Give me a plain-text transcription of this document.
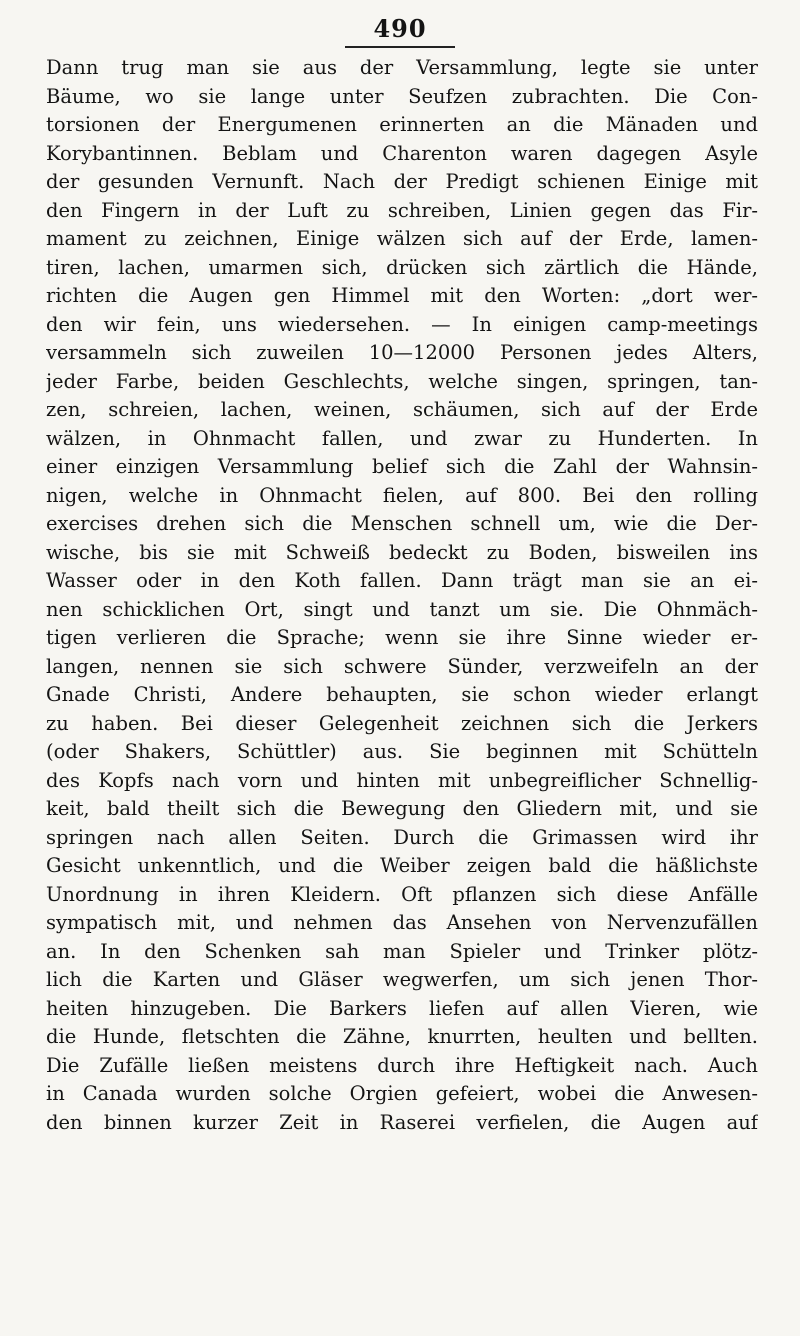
490
Dann trug man sie aus der Versammlung, legte sie unter
Bäume, wo sie lange unter Seufzen zubrachten. Die Con-
torsionen der Energumenen erinnerten an die Mänaden und
Korybantinnen. Beblam und Charenton waren dagegen Asyle
der gesunden Vernunft. Nach der Predigt schienen Einige mit
den Fingern in der Luft zu schreiben, Linien gegen das Fir-
mament zu zeichnen, Einige wälzen sich auf der Erde, lamen-
tiren, lachen, umarmen sich, drücken sich zärtlich die Hände,
richten die Augen gen Himmel mit den Worten: „dort wer-
den wir fein, uns wiedersehen. — In einigen camp-meetings
versammeln sich zuweilen 10—12000 Personen jedes Alters,
jeder Farbe, beiden Geschlechts, welche singen, springen, tan-
zen, schreien, lachen, weinen, schäumen, sich auf der Erde
wälzen, in Ohnmacht fallen, und zwar zu Hunderten. In
einer einzigen Versammlung belief sich die Zahl der Wahnsin-
nigen, welche in Ohnmacht fielen, auf 800. Bei den rolling
exercises drehen sich die Menschen schnell um, wie die Der-
wische, bis sie mit Schweiß bedeckt zu Boden, bisweilen ins
Wasser oder in den Koth fallen. Dann trägt man sie an ei-
nen schicklichen Ort, singt und tanzt um sie. Die Ohnmäch-
tigen verlieren die Sprache; wenn sie ihre Sinne wieder er-
langen, nennen sie sich schwere Sünder, verzweifeln an der
Gnade Christi, Andere behaupten, sie schon wieder erlangt
zu haben. Bei dieser Gelegenheit zeichnen sich die Jerkers
(oder Shakers, Schüttler) aus. Sie beginnen mit Schütteln
des Kopfs nach vorn und hinten mit unbegreiflicher Schnellig-
keit, bald theilt sich die Bewegung den Gliedern mit, und sie
springen nach allen Seiten. Durch die Grimassen wird ihr
Gesicht unkenntlich, und die Weiber zeigen bald die häßlichste
Unordnung in ihren Kleidern. Oft pflanzen sich diese Anfälle
sympatisch mit, und nehmen das Ansehen von Nervenzufällen
an. In den Schenken sah man Spieler und Trinker plötz-
lich die Karten und Gläser wegwerfen, um sich jenen Thor-
heiten hinzugeben. Die Barkers liefen auf allen Vieren, wie
die Hunde, fletschten die Zähne, knurrten, heulten und bellten.
Die Zufälle ließen meistens durch ihre Heftigkeit nach. Auch
in Canada wurden solche Orgien gefeiert, wobei die Anwesen-
den binnen kurzer Zeit in Raserei verfielen, die Augen auf
